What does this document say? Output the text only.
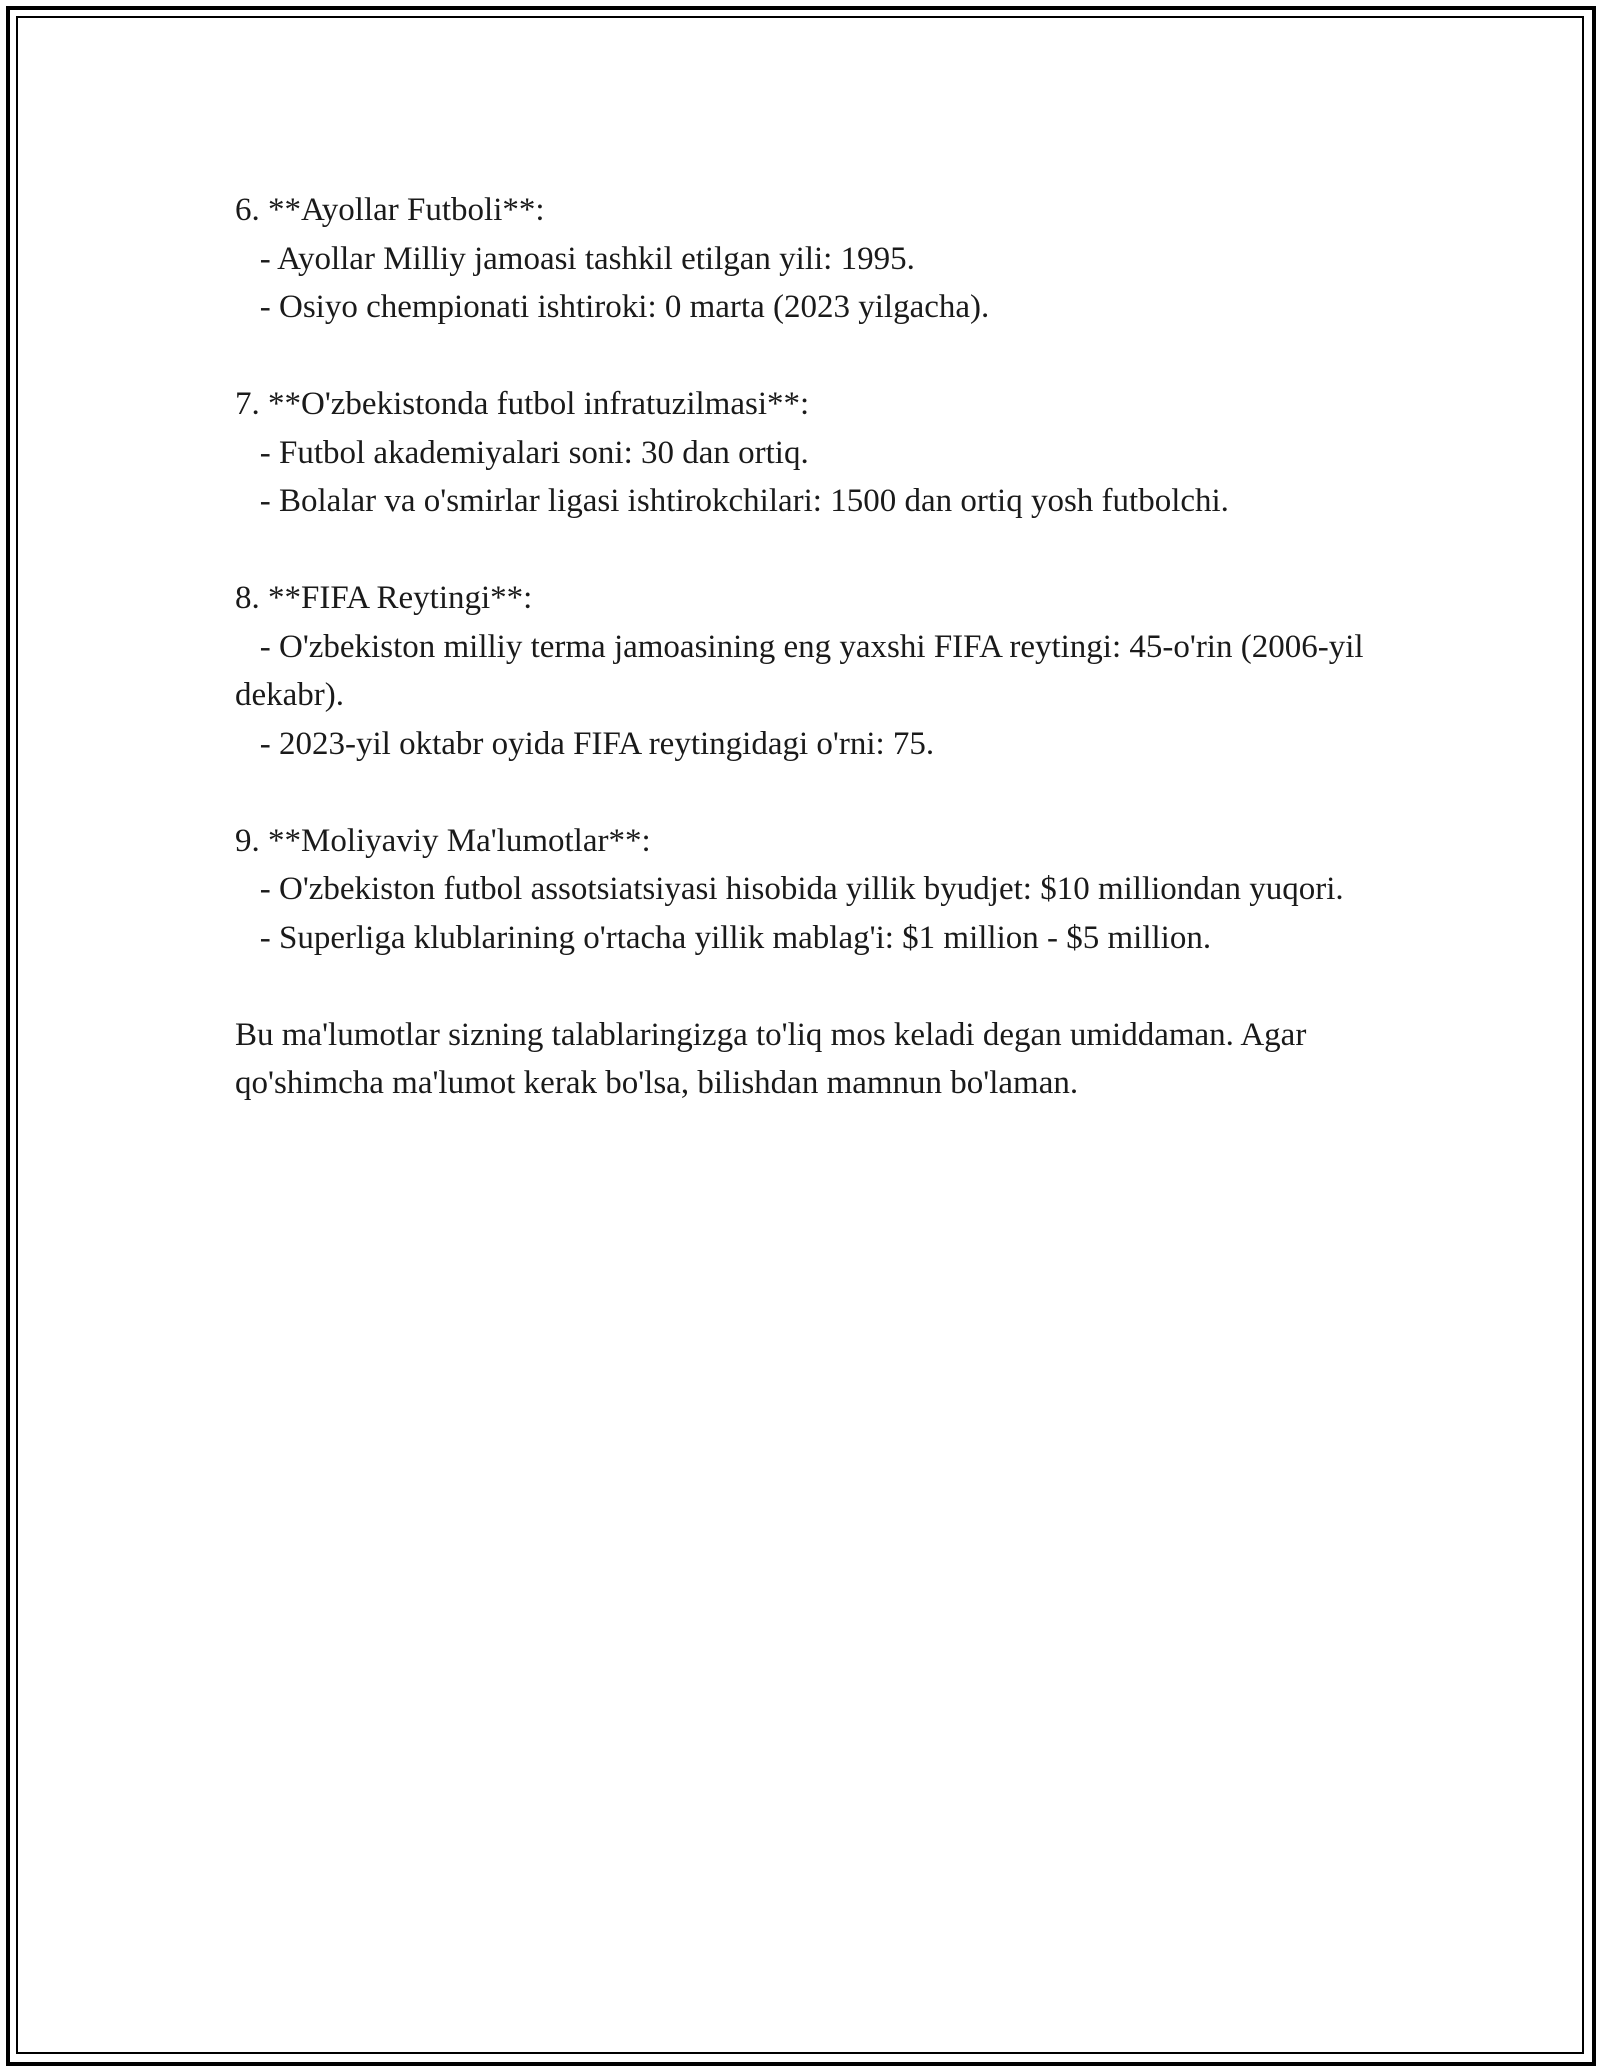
6. **Ayollar Futboli**:
- Ayollar Milliy jamoasi tashkil etilgan yili: 1995.
- Osiyo chempionati ishtiroki: 0 marta (2023 yilgacha).
7. **O'zbekistonda futbol infratuzilmasi**:
- Futbol akademiyalari soni: 30 dan ortiq.
- Bolalar va o'smirlar ligasi ishtirokchilari: 1500 dan ortiq yosh futbolchi.
8. **FIFA Reytingi**:
- O'zbekiston milliy terma jamoasining eng yaxshi FIFA reytingi: 45-o'rin (2006-yil dekabr).
- 2023-yil oktabr oyida FIFA reytingidagi o'rni: 75.
9. **Moliyaviy Ma'lumotlar**:
- O'zbekiston futbol assotsiatsiyasi hisobida yillik byudjet: $10 milliondan yuqori.
- Superliga klublarining o'rtacha yillik mablag'i: $1 million - $5 million.
Bu ma'lumotlar sizning talablaringizga to'liq mos keladi degan umiddaman. Agar qo'shimcha ma'lumot kerak bo'lsa, bilishdan mamnun bo'laman.
